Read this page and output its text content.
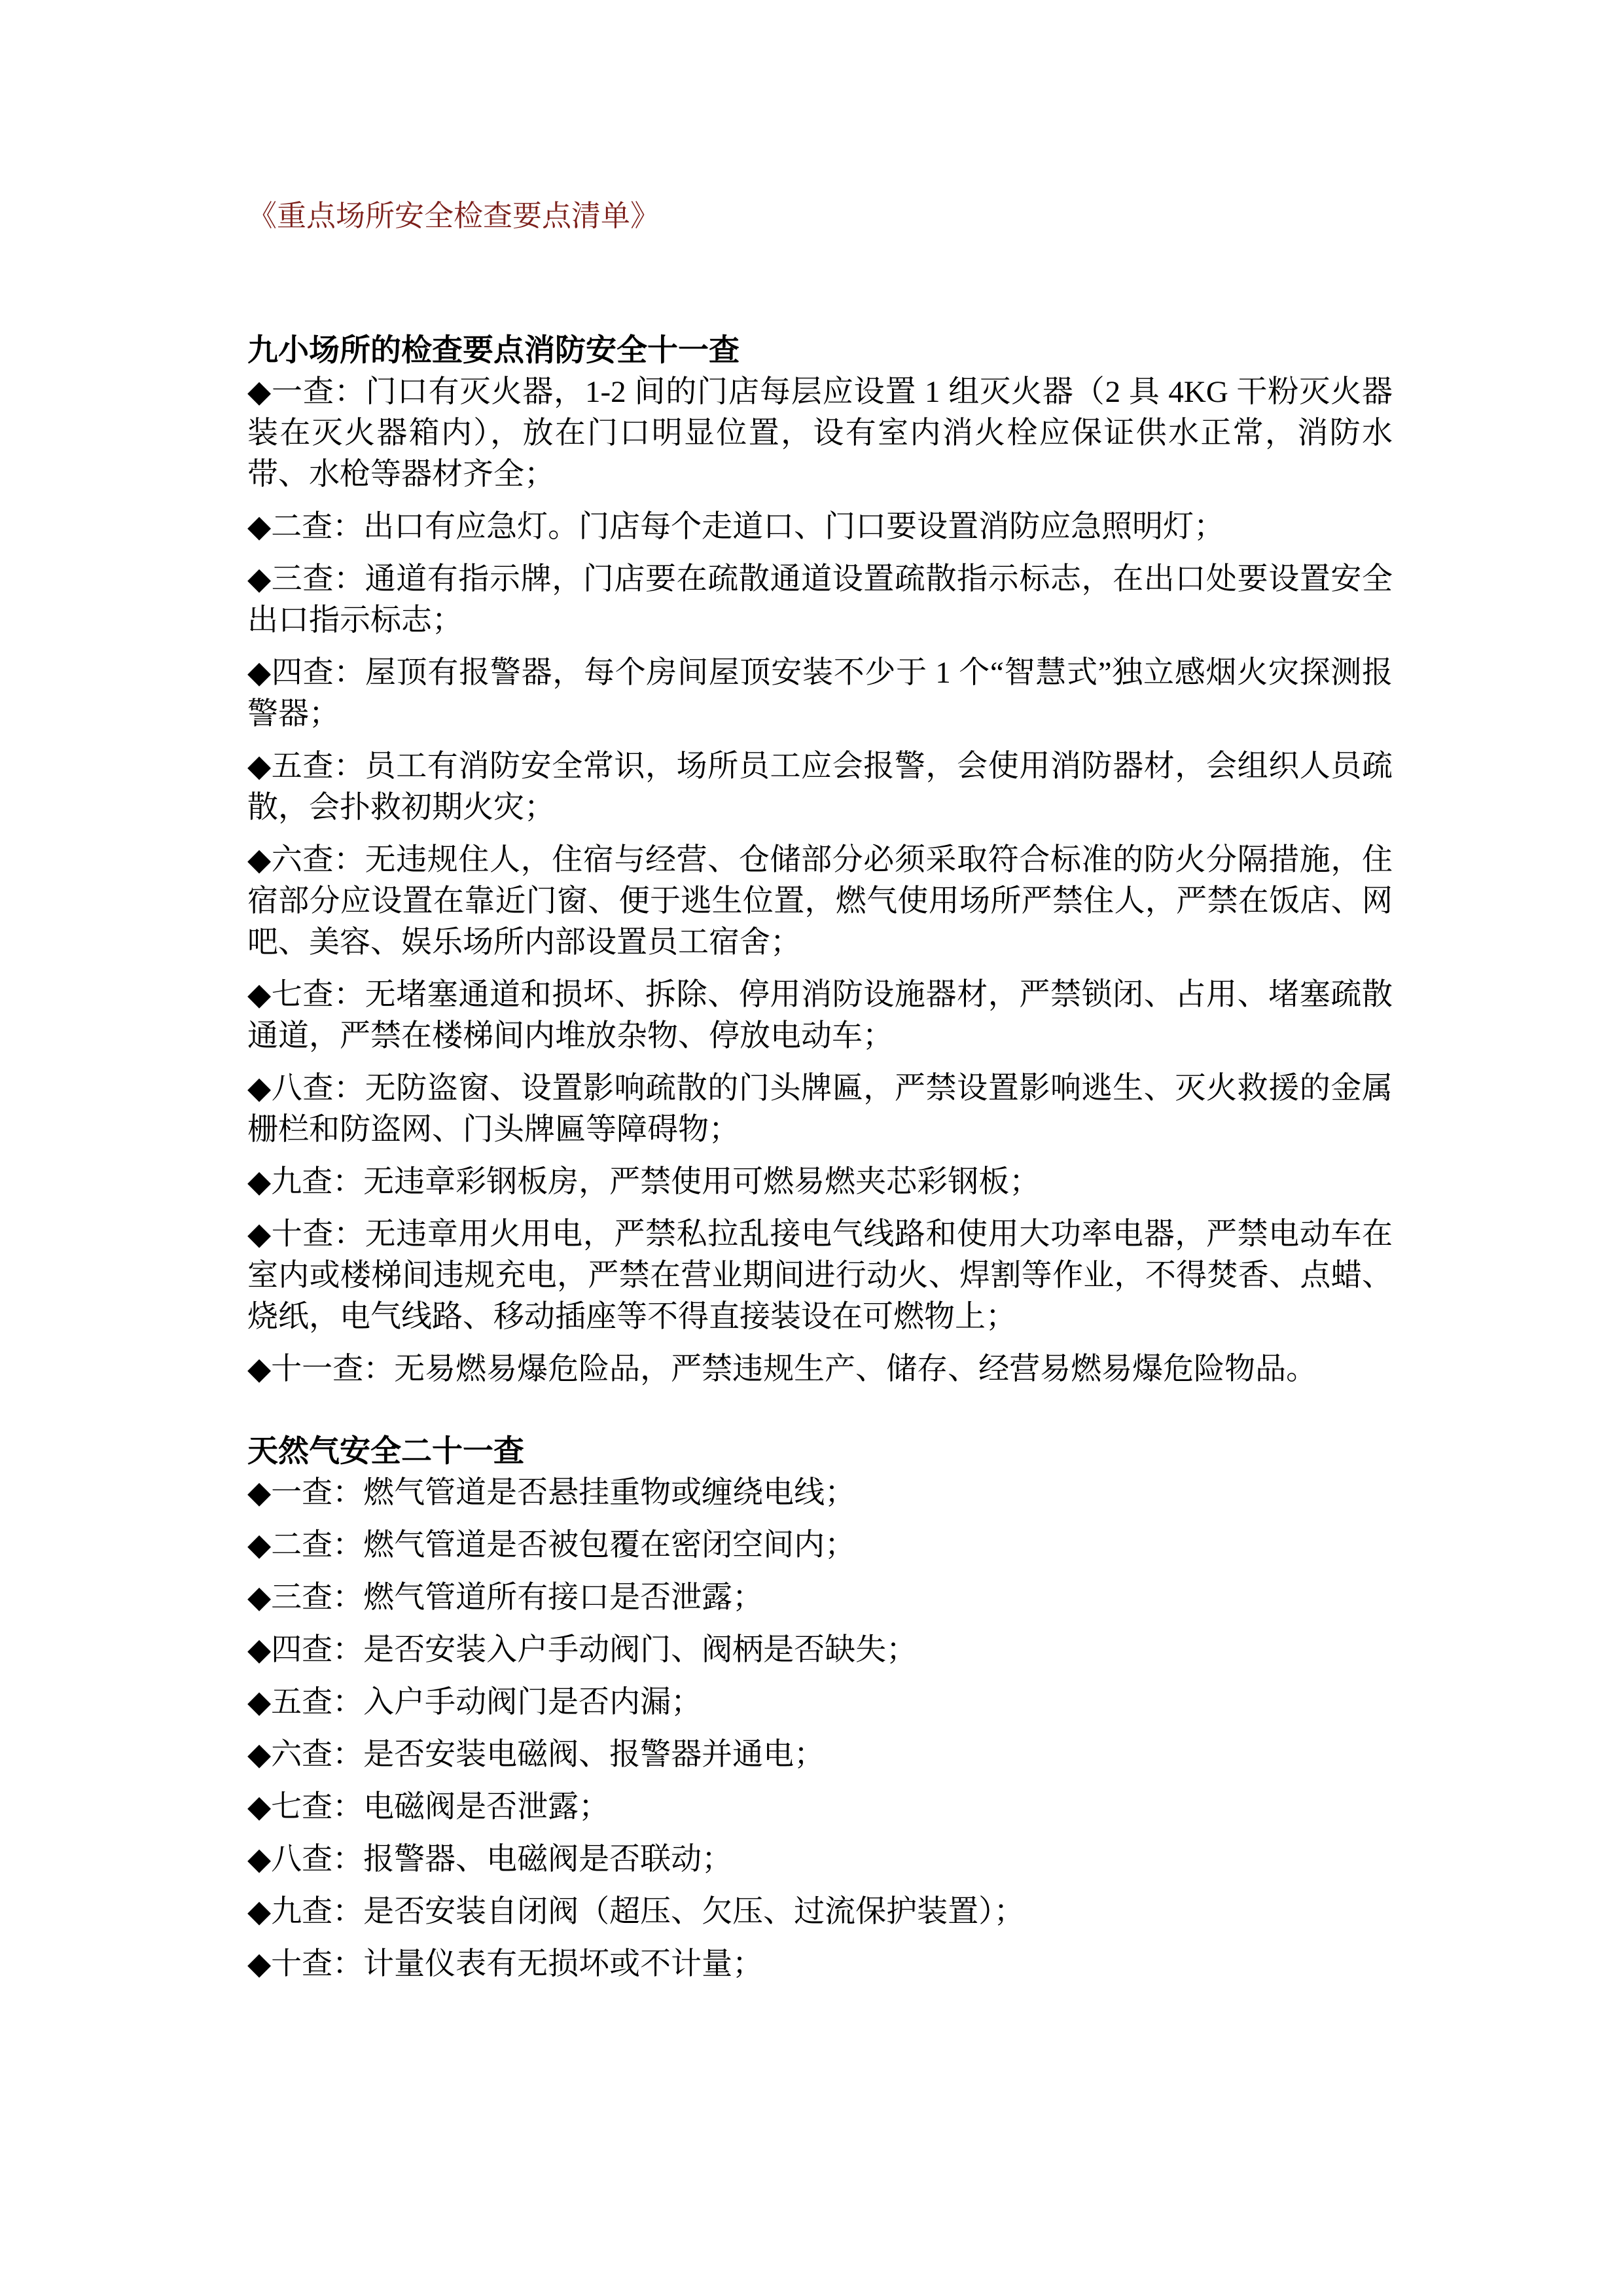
《重点场所安全检查要点清单》
九小场所的检查要点消防安全十一查

◆一查：门口有灭火器，1-2 间的门店每层应设置 1 组灭火器（2 具 4KG 干粉灭火器装在灭火器箱内），放在门口明显位置，设有室内消火栓应保证供水正常，消防水带、水枪等器材齐全；

◆二查：出口有应急灯。门店每个走道口、门口要设置消防应急照明灯；

◆三查：通道有指示牌，门店要在疏散通道设置疏散指示标志，在出口处要设置安全出口指示标志；

◆四查：屋顶有报警器，每个房间屋顶安装不少于 1 个“智慧式”独立感烟火灾探测报警器；

◆五查：员工有消防安全常识，场所员工应会报警，会使用消防器材，会组织人员疏散，会扑救初期火灾；

◆六查：无违规住人，住宿与经营、仓储部分必须采取符合标准的防火分隔措施，住宿部分应设置在靠近门窗、便于逃生位置，燃气使用场所严禁住人，严禁在饭店、网吧、美容、娱乐场所内部设置员工宿舍；

◆七查：无堵塞通道和损坏、拆除、停用消防设施器材，严禁锁闭、占用、堵塞疏散通道，严禁在楼梯间内堆放杂物、停放电动车；

◆八查：无防盗窗、设置影响疏散的门头牌匾，严禁设置影响逃生、灭火救援的金属栅栏和防盗网、门头牌匾等障碍物；

◆九查：无违章彩钢板房，严禁使用可燃易燃夹芯彩钢板；

◆十查：无违章用火用电，严禁私拉乱接电气线路和使用大功率电器，严禁电动车在室内或楼梯间违规充电，严禁在营业期间进行动火、焊割等作业，不得焚香、点蜡、烧纸，电气线路、移动插座等不得直接装设在可燃物上；

◆十一查：无易燃易爆危险品，严禁违规生产、储存、经营易燃易爆危险物品。

天然气安全二十一查

◆一查：燃气管道是否悬挂重物或缠绕电线；

◆二查：燃气管道是否被包覆在密闭空间内；

◆三查：燃气管道所有接口是否泄露；

◆四查：是否安装入户手动阀门、阀柄是否缺失；

◆五查：入户手动阀门是否内漏；

◆六查：是否安装电磁阀、报警器并通电；

◆七查：电磁阀是否泄露；

◆八查：报警器、电磁阀是否联动；

◆九查：是否安装自闭阀（超压、欠压、过流保护装置）；

◆十查：计量仪表有无损坏或不计量；
